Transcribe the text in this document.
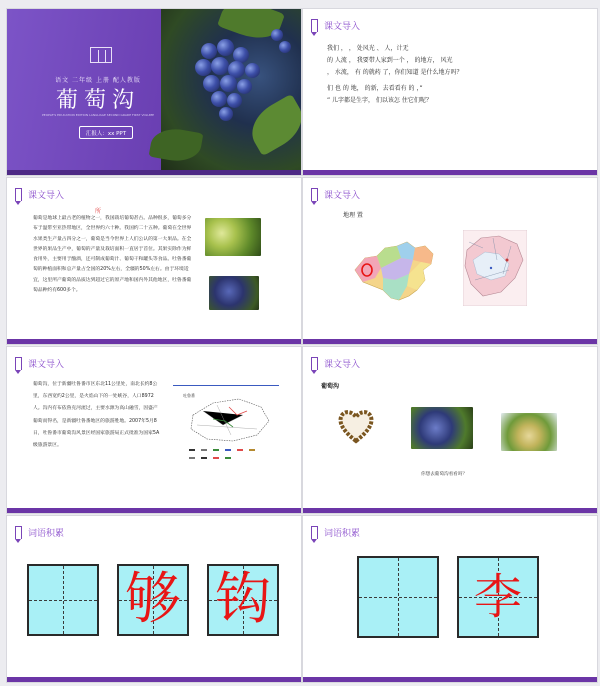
语文 二年级 上册 配人教版
葡萄沟
PEOPLE'S EDUCATION EDITION LANGUAGE SECOND GRADE FIRST VOLUME
汇报人：xx PPT
课文导入
我们 ， ， 处风光 、 人，计无
的 人流 ， 我要带人家到一个 ， 的地方， 风光
， 水流， 有 的就药 了，你们知道 是什么地方吗？
们 也 的 地， 的新，去看看有 的 ，”
” 儿字都是生字， 们以该怎 住它们呢？
课文导入
所
葡萄是地球上最古老的植物之一，我国栽培葡萄甚古。品种很多，葡萄多分布于温带至亚热带地区，全世界约六十种。我国约二十五种。葡萄在全世界水果类生产量占四分之一，葡萄是当今世界上人们公认的第一大果品。在全世界的果品生产中，葡萄的产量及栽培面积一直居于首位。其果实除作为鲜食用外，主要用于酿酒，还可制成葡萄汁、葡萄干和罐头等食品。吐鲁番葡萄的种植面积和总产量占全国的20%左右，全疆的50%左右。由于环境适宜，这里所产葡萄的品质达到超过它的原产地和国内外其他地区，吐鲁番葡萄品种约有600多个。
课文导入
地理 置
课文导入
葡萄沟，位于新疆吐鲁番市区东北11公里处，南北长约8公里，东西宽约2公里，是火焰山下的一处峡谷，人口8972人。沟内有布依鲁克河流过，主要水源为高山融雪，因盛产葡萄而得名，是新疆吐鲁番地区的旅游胜地。2007年5月8日，吐鲁番市葡萄沟风景区经国家旅游局正式批准为国家5A级旅游景区。
吐鲁番
课文导入
葡萄沟
你想去葡萄沟看看吗？
词语积累
够 钩
词语积累
李
